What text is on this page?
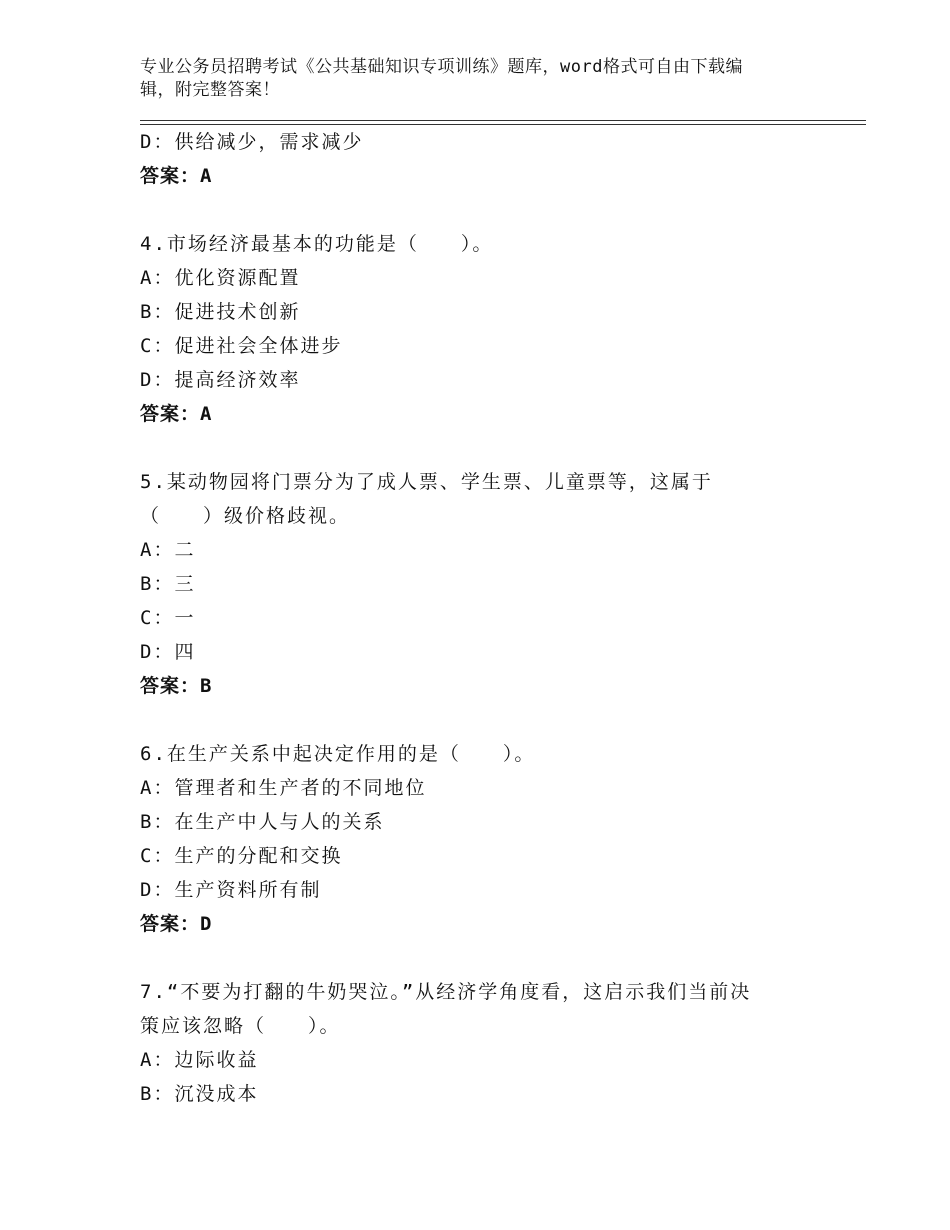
专业公务员招聘考试《公共基础知识专项训练》题库，word格式可自由下载编
辑，附完整答案！
D：供给减少，需求减少
答案：A
4.市场经济最基本的功能是（　　）。
A：优化资源配置
B：促进技术创新
C：促进社会全体进步
D：提高经济效率
答案：A
5.某动物园将门票分为了成人票、学生票、儿童票等，这属于
（　　）级价格歧视。
A：二
B：三
C：一
D：四
答案：B
6.在生产关系中起决定作用的是（　　）。
A：管理者和生产者的不同地位
B：在生产中人与人的关系
C：生产的分配和交换
D：生产资料所有制
答案：D
7.“不要为打翻的牛奶哭泣。”从经济学角度看，这启示我们当前决
策应该忽略（　　）。
A：边际收益
B：沉没成本
